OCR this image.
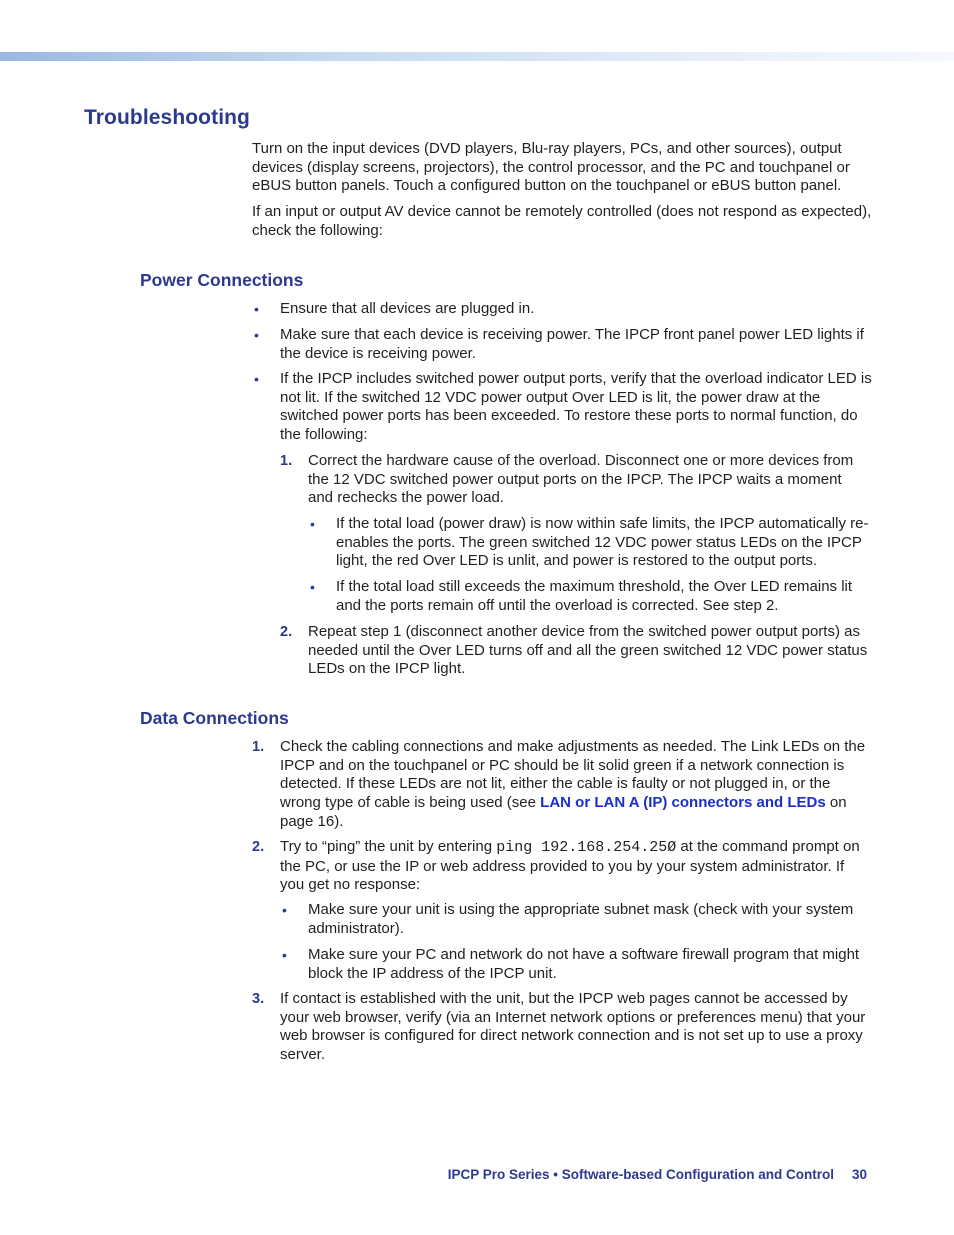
Troubleshooting

Turn on the input devices (DVD players, Blu-ray players, PCs, and other sources), output devices (display screens, projectors), the control processor, and the PC and touchpanel or eBUS button panels. Touch a configured button on the touchpanel or eBUS button panel.

If an input or output AV device cannot be remotely controlled (does not respond as expected), check the following:

Power Connections
• Ensure that all devices are plugged in.

• Make sure that each device is receiving power. The IPCP front panel power LED lights if the device is receiving power.

• If the IPCP includes switched power output ports, verify that the overload indicator LED is not lit. If the switched 12 VDC power output Over LED is lit, the power draw at the switched power ports has been exceeded. To restore these ports to normal function, do the following:

1. Correct the hardware cause of the overload. Disconnect one or more devices from the 12 VDC switched power output ports on the IPCP. The IPCP waits a moment and rechecks the power load.

• If the total load (power draw) is now within safe limits, the IPCP automatically re-enables the ports. The green switched 12 VDC power status LEDs on the IPCP light, the red Over LED is unlit, and power is restored to the output ports.

• If the total load still exceeds the maximum threshold, the Over LED remains lit and the ports remain off until the overload is corrected. See step 2.

2. Repeat step 1 (disconnect another device from the switched power output ports) as needed until the Over LED turns off and all the green switched 12 VDC power status LEDs on the IPCP light.

Data Connections
1. Check the cabling connections and make adjustments as needed. The Link LEDs on the IPCP and on the touchpanel or PC should be lit solid green if a network connection is detected. If these LEDs are not lit, either the cable is faulty or not plugged in, or the wrong type of cable is being used (see LAN or LAN A (IP) connectors and LEDs on page 16).

2. Try to “ping” the unit by entering ping 192.168.254.25Ø at the command prompt on the PC, or use the IP or web address provided to you by your system administrator. If you get no response:

• Make sure your unit is using the appropriate subnet mask (check with your system administrator).

• Make sure your PC and network do not have a software firewall program that might block the IP address of the IPCP unit.

3. If contact is established with the unit, but the IPCP web pages cannot be accessed by your web browser, verify (via an Internet network options or preferences menu) that your web browser is configured for direct network connection and is not set up to use a proxy server.

IPCP Pro Series • Software-based Configuration and Control 30
